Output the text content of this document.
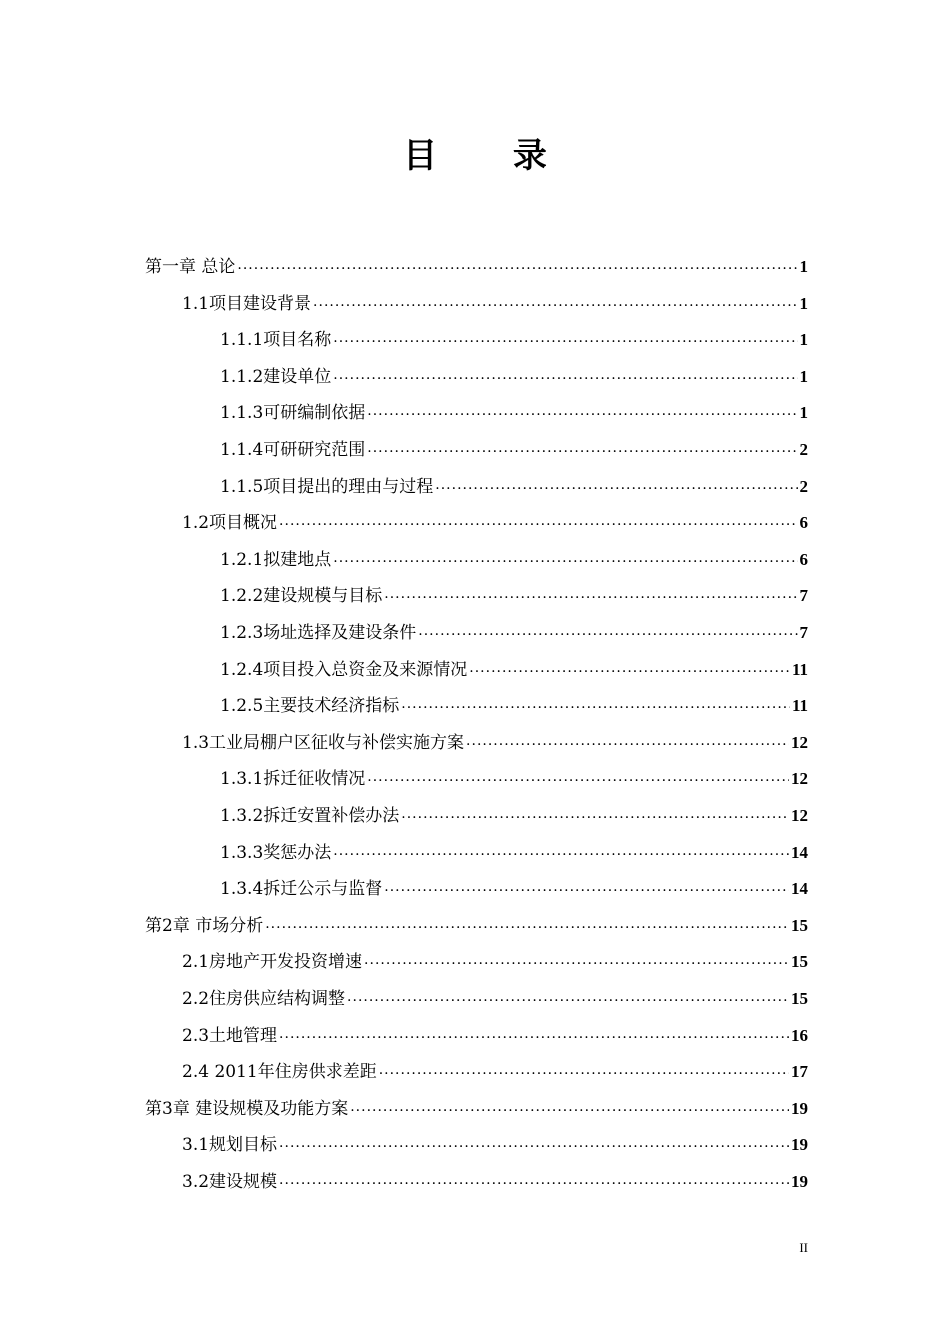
目 录
第一章 总论 ·····	1
1.1项目建设背景 ·····	1
1.1.1项目名称 ·····	1
1.1.2建设单位 ·····	1
1.1.3可研编制依据 ·····	1
1.1.4可研研究范围 ·····	2
1.1.5项目提出的理由与过程 ·····	2
1.2项目概况 ·····	6
1.2.1拟建地点 ·····	6
1.2.2建设规模与目标 ·····	7
1.2.3场址选择及建设条件 ·····	7
1.2.4项目投入总资金及来源情况 ·····	11
1.2.5主要技术经济指标 ·····	11
1.3工业局棚户区征收与补偿实施方案 ·····	12
1.3.1拆迁征收情况 ·····	12
1.3.2拆迁安置补偿办法 ·····	12
1.3.3奖惩办法 ·····	14
1.3.4拆迁公示与监督 ·····	14
第2章 市场分析 ·····	15
2.1房地产开发投资增速 ·····	15
2.2住房供应结构调整 ·····	15
2.3土地管理 ·····	16
2.4 2011年住房供求差距 ·····	17
第3章 建设规模及功能方案 ·····	19
3.1规划目标 ·····	19
3.2建设规模 ·····	19
II
